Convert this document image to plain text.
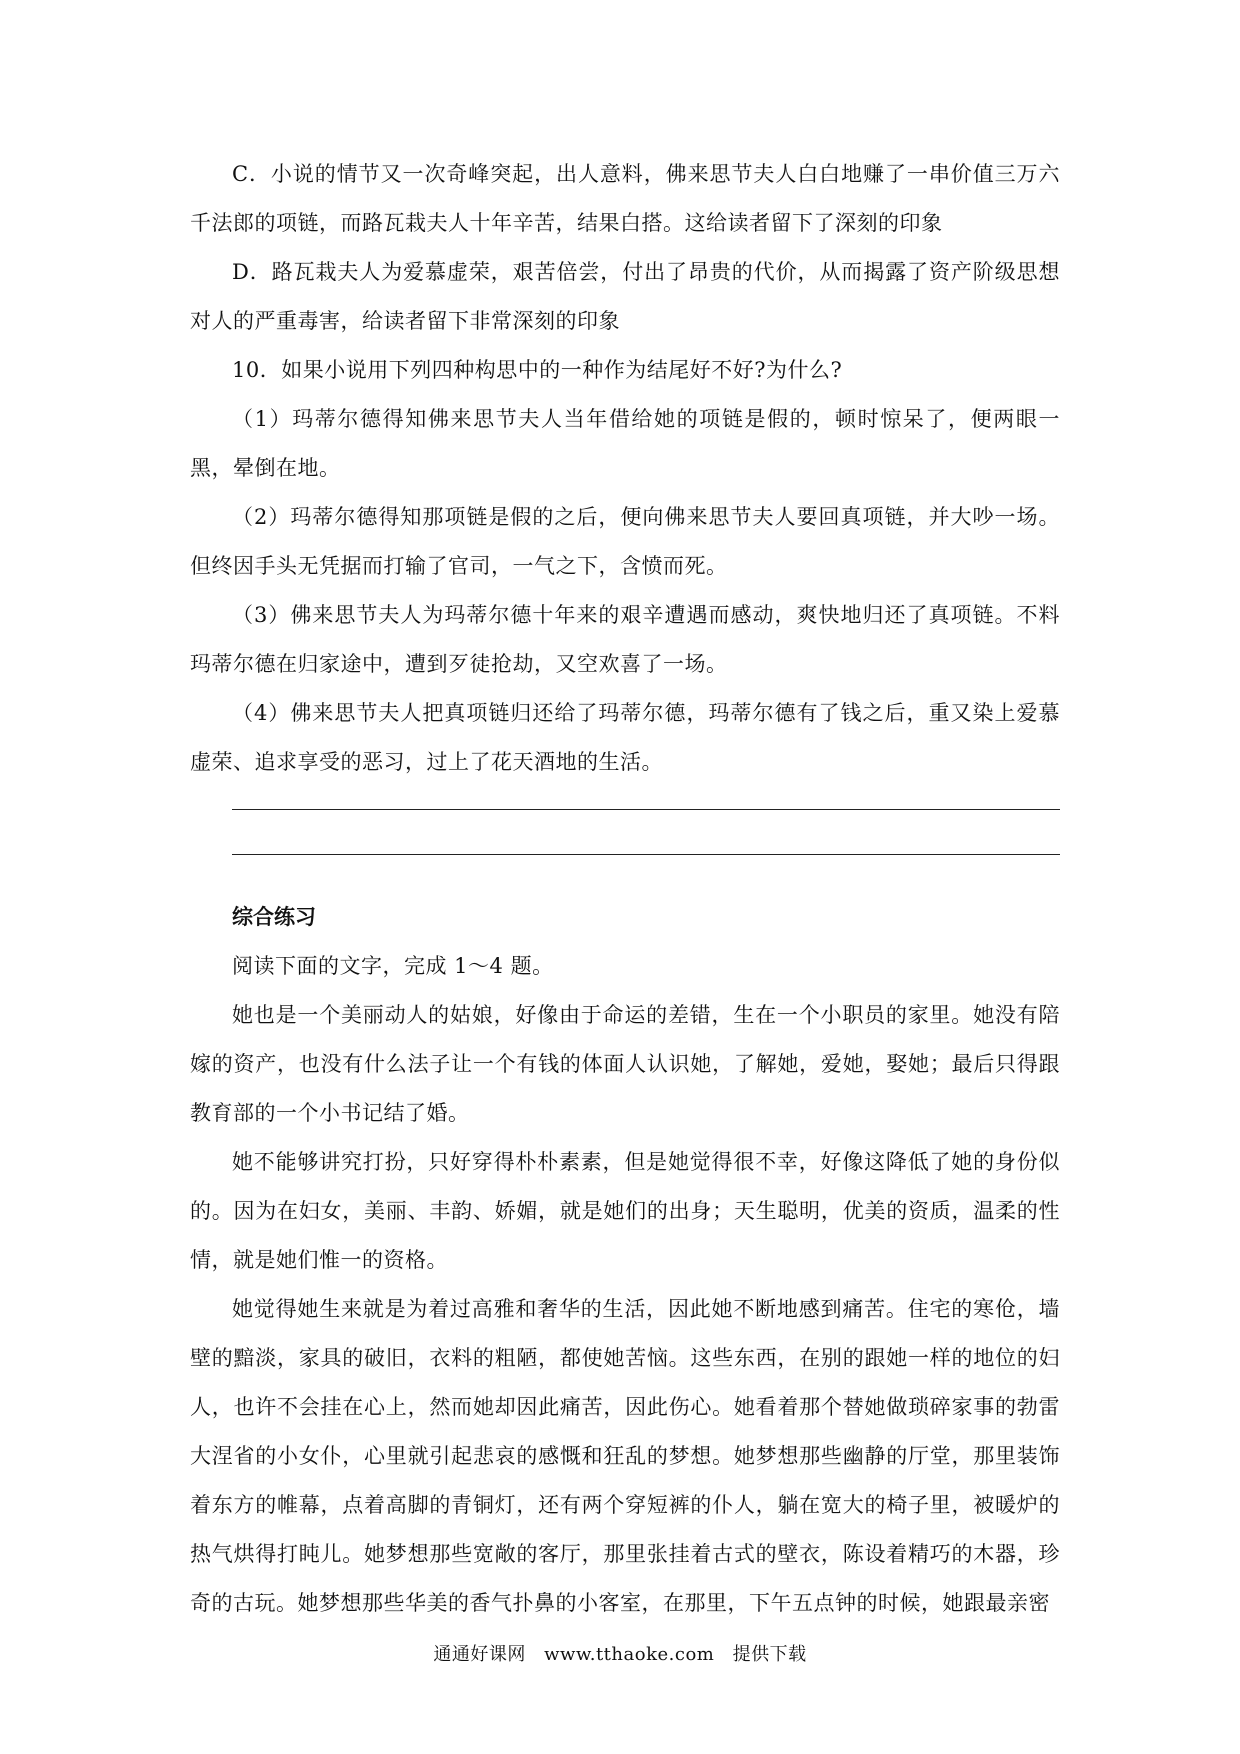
C．小说的情节又一次奇峰突起，出人意料，佛来思节夫人白白地赚了一串价值三万六千法郎的项链，而路瓦栽夫人十年辛苦，结果白搭。这给读者留下了深刻的印象

D．路瓦栽夫人为爱慕虚荣，艰苦倍尝，付出了昂贵的代价，从而揭露了资产阶级思想对人的严重毒害，给读者留下非常深刻的印象

10．如果小说用下列四种构思中的一种作为结尾好不好?为什么?

（1）玛蒂尔德得知佛来思节夫人当年借给她的项链是假的，顿时惊呆了，便两眼一黑，晕倒在地。

（2）玛蒂尔德得知那项链是假的之后，便向佛来思节夫人要回真项链，并大吵一场。但终因手头无凭据而打输了官司，一气之下，含愤而死。

（3）佛来思节夫人为玛蒂尔德十年来的艰辛遭遇而感动，爽快地归还了真项链。不料玛蒂尔德在归家途中，遭到歹徒抢劫，又空欢喜了一场。

（4）佛来思节夫人把真项链归还给了玛蒂尔德，玛蒂尔德有了钱之后，重又染上爱慕虚荣、追求享受的恶习，过上了花天酒地的生活。

综合练习

阅读下面的文字，完成 1～4 题。

她也是一个美丽动人的姑娘，好像由于命运的差错，生在一个小职员的家里。她没有陪嫁的资产，也没有什么法子让一个有钱的体面人认识她，了解她，爱她，娶她；最后只得跟教育部的一个小书记结了婚。

她不能够讲究打扮，只好穿得朴朴素素，但是她觉得很不幸，好像这降低了她的身份似的。因为在妇女，美丽、丰韵、娇媚，就是她们的出身；天生聪明，优美的资质，温柔的性情，就是她们惟一的资格。

她觉得她生来就是为着过高雅和奢华的生活，因此她不断地感到痛苦。住宅的寒伧，墙壁的黯淡，家具的破旧，衣料的粗陋，都使她苦恼。这些东西，在别的跟她一样的地位的妇人，也许不会挂在心上，然而她却因此痛苦，因此伤心。她看着那个替她做琐碎家事的勃雷大涅省的小女仆，心里就引起悲哀的感慨和狂乱的梦想。她梦想那些幽静的厅堂，那里装饰着东方的帷幕，点着高脚的青铜灯，还有两个穿短裤的仆人，躺在宽大的椅子里，被暖炉的热气烘得打盹儿。她梦想那些宽敞的客厅，那里张挂着古式的壁衣，陈设着精巧的木器，珍奇的古玩。她梦想那些华美的香气扑鼻的小客室，在那里，下午五点钟的时候，她跟最亲密

通通好课网 www.tthaoke.com 提供下载
